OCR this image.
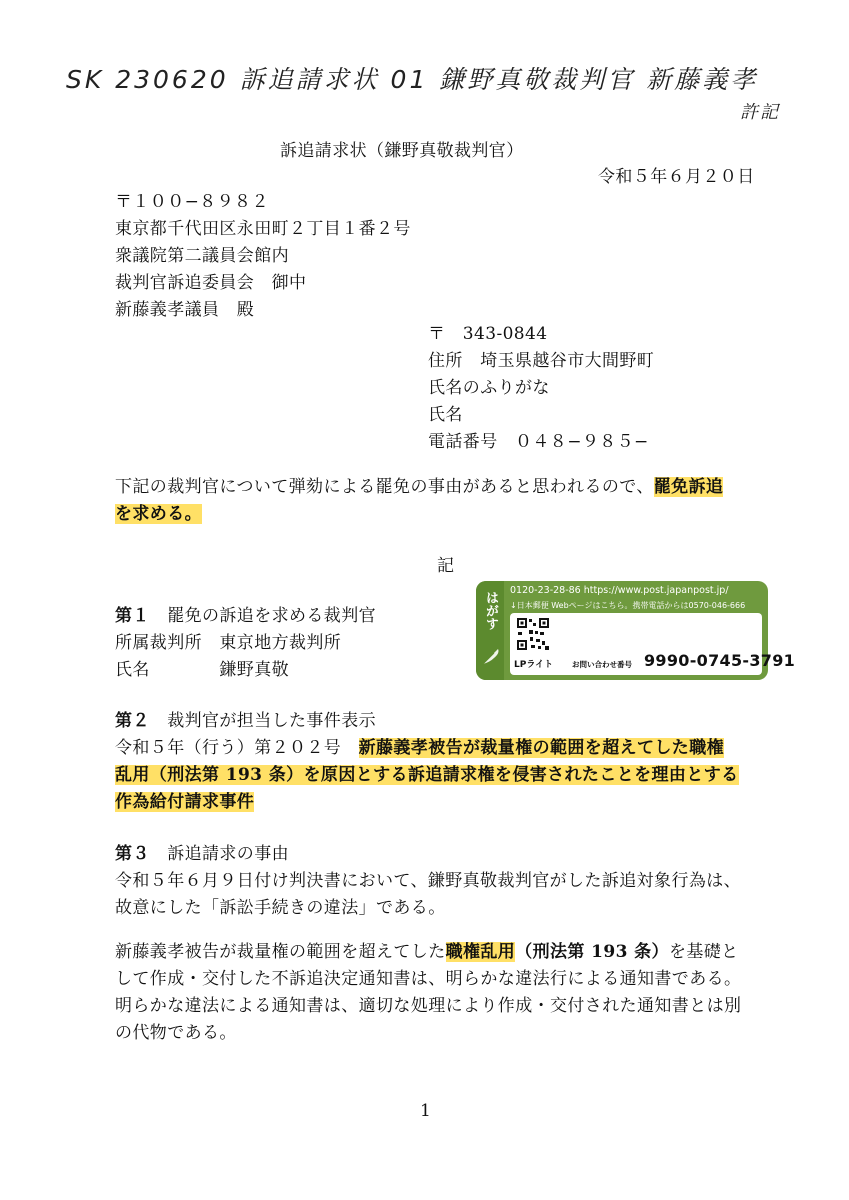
SK 230620 訴追請求状 01 鎌野真敬裁判官 新藤義孝
許記
訴追請求状（鎌野真敬裁判官）
令和５年６月２０日
〒１００−８９８２
東京都千代田区永田町２丁目１番２号
衆議院第二議員会館内
裁判官訴追委員会　御中
新藤義孝議員　殿
〒　343-0844
住所　埼玉県越谷市大間野町
氏名のふりがな
氏名
電話番号　０４８−９８５−
下記の裁判官について弾劾による罷免の事由があると思われるので、罷免訴追
を求める。
記
第１　罷免の訴追を求める裁判官
所属裁判所　東京地方裁判所
氏名　　　　鎌野真敬
はがす
0120-23-28-86 https://www.post.japanpost.jp/
↓日本郵便 Webページはこちら。携帯電話からは0570-046-666
LPライト	お問い合わせ番号 9990-0745-3791
第２　裁判官が担当した事件表示
令和５年（行う）第２０２号　新藤義孝被告が裁量権の範囲を超えてした職権
乱用（刑法第 193 条）を原因とする訴追請求権を侵害されたことを理由とする
作為給付請求事件
第３　訴追請求の事由
令和５年６月９日付け判決書において、鎌野真敬裁判官がした訴追対象行為は、
故意にした「訴訟手続きの違法」である。
新藤義孝被告が裁量権の範囲を超えてした職権乱用（刑法第 193 条）を基礎と
して作成・交付した不訴追決定通知書は、明らかな違法行による通知書である。
明らかな違法による通知書は、適切な処理により作成・交付された通知書とは別
の代物である。
1
